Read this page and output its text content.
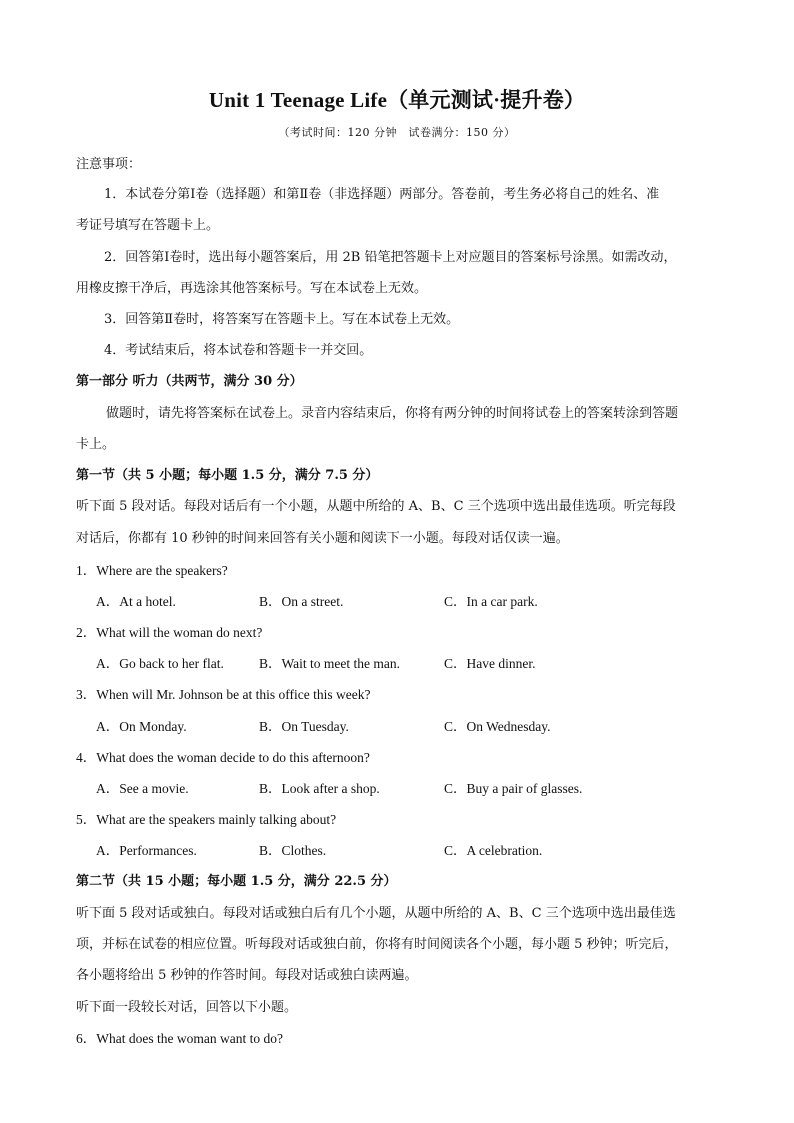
Unit 1 Teenage Life（单元测试·提升卷）
（考试时间：120 分钟　试卷满分：150 分）
注意事项：
1．本试卷分第Ⅰ卷（选择题）和第Ⅱ卷（非选择题）两部分。答卷前，考生务必将自己的姓名、准
考证号填写在答题卡上。
2．回答第Ⅰ卷时，选出每小题答案后，用 2B 铅笔把答题卡上对应题目的答案标号涂黑。如需改动，
用橡皮擦干净后，再选涂其他答案标号。写在本试卷上无效。
3．回答第Ⅱ卷时，将答案写在答题卡上。写在本试卷上无效。
4．考试结束后，将本试卷和答题卡一并交回。
第一部分 听力（共两节，满分 30 分）
做题时，请先将答案标在试卷上。录音内容结束后，你将有两分钟的时间将试卷上的答案转涂到答题
卡上。
第一节（共 5 小题；每小题 1.5 分，满分 7.5 分）
听下面 5 段对话。每段对话后有一个小题，从题中所给的 A、B、C 三个选项中选出最佳选项。听完每段
对话后，你都有 10 秒钟的时间来回答有关小题和阅读下一小题。每段对话仅读一遍。
1．Where are the speakers?
A．At a hotel.	B．On a street.	C．In a car park.
2．What will the woman do next?
A．Go back to her flat.	B．Wait to meet the man.	C．Have dinner.
3．When will Mr. Johnson be at this office this week?
A．On Monday.	B．On Tuesday.	C．On Wednesday.
4．What does the woman decide to do this afternoon?
A．See a movie.	B．Look after a shop.	C．Buy a pair of glasses.
5．What are the speakers mainly talking about?
A．Performances.	B．Clothes.	C．A celebration.
第二节（共 15 小题；每小题 1.5 分，满分 22.5 分）
听下面 5 段对话或独白。每段对话或独白后有几个小题，从题中所给的 A、B、C 三个选项中选出最佳选
项，并标在试卷的相应位置。听每段对话或独白前，你将有时间阅读各个小题，每小题 5 秒钟；听完后，
各小题将给出 5 秒钟的作答时间。每段对话或独白读两遍。
听下面一段较长对话，回答以下小题。
6．What does the woman want to do?
